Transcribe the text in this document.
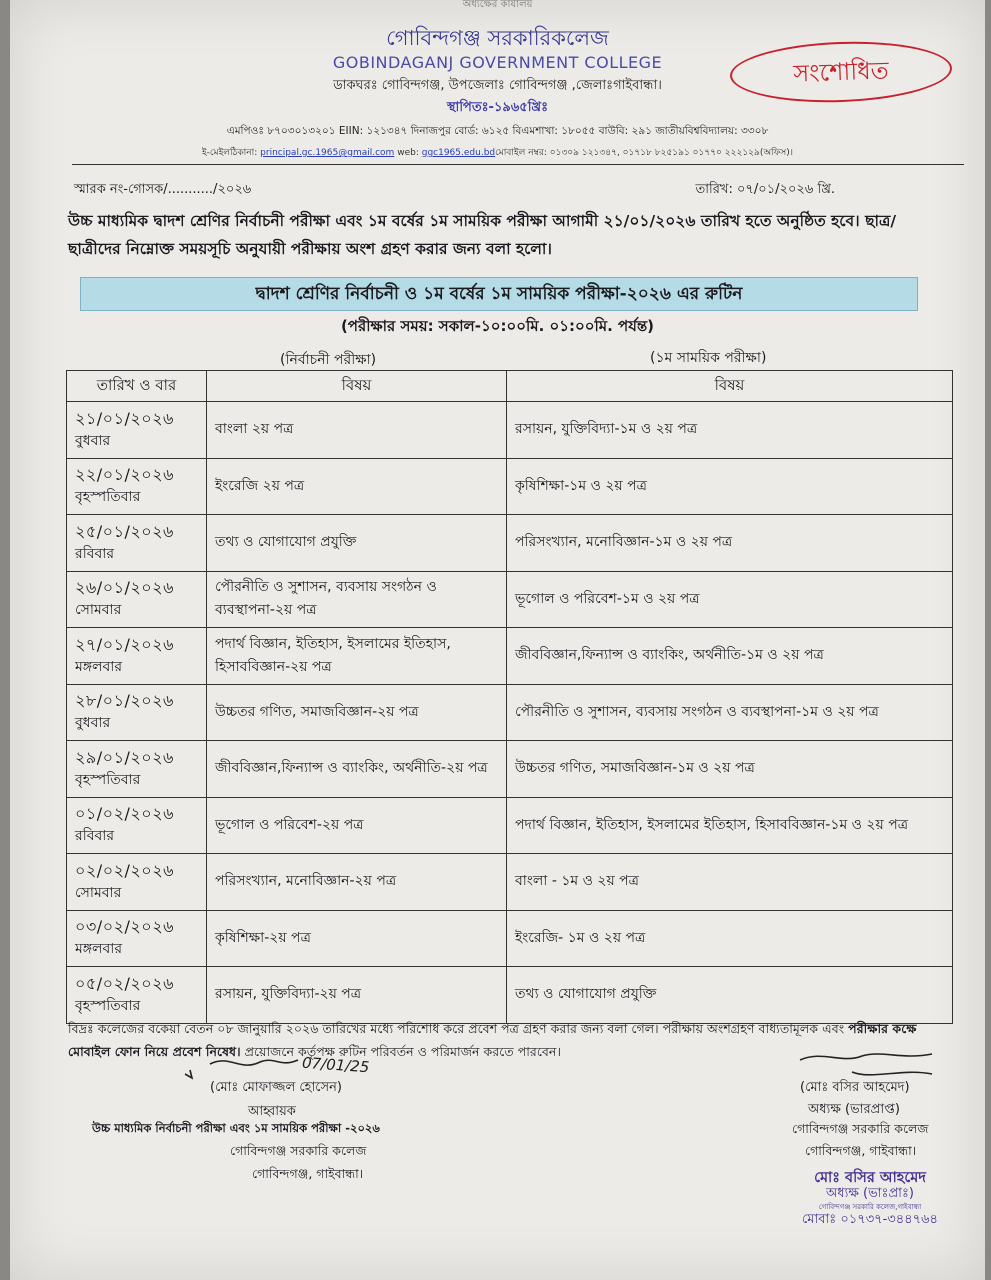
অধ্যক্ষের কার্যালয়
গোবিন্দগঞ্জ সরকারিকলেজ
GOBINDAGANJ GOVERNMENT COLLEGE
ডাকঘরঃ গোবিন্দগঞ্জ, উপজেলাঃ গোবিন্দগঞ্জ ,জেলাঃগাইবান্ধা।
স্থাপিতঃ-১৯৬৫খ্রিঃ
সংশোধিত
এমপিওঃ ৮৭০৩০১৩২০১ EIIN: ১২১৩৪৭ দিনাজপুর বোর্ড: ৬১২৫ বিএমশাখা: ১৮০৫৫ বাউবি: ২৯১ জাতীয়বিশ্ববিদ্যালয়: ৩৩০৮
ই-মেইলঠিকানা: principal.gc.1965@gmail.com web: ggc1965.edu.bdমোবাইল নম্বর: ০১৩০৯ ১২১৩৪৭, ০১৭১৮ ৮২৫১৯১ ০১৭৭০ ২২২১২৯(অফিস)।
স্মারক নং-গোসক/.........../২০২৬	তারিখ: ০৭/০১/২০২৬ খ্রি.
উচ্চ মাধ্যমিক দ্বাদশ শ্রেণির নির্বাচনী পরীক্ষা এবং ১ম বর্ষের ১ম সাময়িক পরীক্ষা আগামী ২১/০১/২০২৬ তারিখ হতে অনুষ্ঠিত হবে। ছাত্র/ছাত্রীদের নিম্নোক্ত সময়সূচি অনুযায়ী পরীক্ষায় অংশ গ্রহণ করার জন্য বলা হলো।
দ্বাদশ শ্রেণির নির্বাচনী ও ১ম বর্ষের ১ম সাময়িক পরীক্ষা-২০২৬ এর রুটিন
(পরীক্ষার সময়: সকাল-১০:০০মি. ০১:০০মি. পর্যন্ত)
(নির্বাচনী পরীক্ষা)	(১ম সাময়িক পরীক্ষা)
তারিখ ও বার	বিষয়	বিষয়

২১/০১/২০২৬
বুধবার	বাংলা ২য় পত্র	রসায়ন, যুক্তিবিদ্যা-১ম ও ২য় পত্র

২২/০১/২০২৬
বৃহস্পতিবার	ইংরেজি ২য় পত্র	কৃষিশিক্ষা-১ম ও ২য় পত্র

২৫/০১/২০২৬
রবিবার	তথ্য ও যোগাযোগ প্রযুক্তি	পরিসংখ্যান, মনোবিজ্ঞান-১ম ও ২য় পত্র

২৬/০১/২০২৬
সোমবার	পৌরনীতি ও সুশাসন, ব্যবসায় সংগঠন ও ব্যবস্থাপনা-২য় পত্র	ভূগোল ও পরিবেশ-১ম ও ২য় পত্র

২৭/০১/২০২৬
মঙ্গলবার	পদার্থ বিজ্ঞান, ইতিহাস, ইসলামের ইতিহাস, হিসাববিজ্ঞান-২য় পত্র	জীববিজ্ঞান,ফিন্যান্স ও ব্যাংকিং, অর্থনীতি-১ম ও ২য় পত্র

২৮/০১/২০২৬
বুধবার	উচ্চতর গণিত, সমাজবিজ্ঞান-২য় পত্র	পৌরনীতি ও সুশাসন, ব্যবসায় সংগঠন ও ব্যবস্থাপনা-১ম ও ২য় পত্র

২৯/০১/২০২৬
বৃহস্পতিবার	জীববিজ্ঞান,ফিন্যান্স ও ব্যাংকিং, অর্থনীতি-২য় পত্র	উচ্চতর গণিত, সমাজবিজ্ঞান-১ম ও ২য় পত্র

০১/০২/২০২৬
রবিবার	ভূগোল ও পরিবেশ-২য় পত্র	পদার্থ বিজ্ঞান, ইতিহাস, ইসলামের ইতিহাস, হিসাববিজ্ঞান-১ম ও ২য় পত্র

০২/০২/২০২৬
সোমবার	পরিসংখ্যান, মনোবিজ্ঞান-২য় পত্র	বাংলা - ১ম ও ২য় পত্র

০৩/০২/২০২৬
মঙ্গলবার	কৃষিশিক্ষা-২য় পত্র	ইংরেজি- ১ম ও ২য় পত্র

০৫/০২/২০২৬
বৃহস্পতিবার	রসায়ন, যুক্তিবিদ্যা-২য় পত্র	তথ্য ও যোগাযোগ প্রযুক্তি
বিদ্রঃ কলেজের বকেয়া বেতন ০৮ জানুয়ারি ২০২৬ তারিখের মধ্যে পরিশোধ করে প্রবেশ পত্র গ্রহণ করার জন্য বলা গেল। পরীক্ষায় অংশগ্রহণ বাধ্যতামূলক এবং পরীক্ষার কক্ষে মোবাইল ফোন নিয়ে প্রবেশ নিষেধ। প্রয়োজনে কর্তৃপক্ষ রুটিন পরিবর্তন ও পরিমার্জন করতে পারবেন।
07/01/25
(মোঃ মোফাজ্জল হোসেন)
আহ্বায়ক
উচ্চ মাধ্যমিক নির্বাচনী পরীক্ষা এবং ১ম সাময়িক পরীক্ষা -২০২৬
গোবিন্দগঞ্জ সরকারি কলেজ
গোবিন্দগঞ্জ, গাইবান্ধা।
(মোঃ বসির আহমেদ)
অধ্যক্ষ (ভারপ্রাপ্ত)
গোবিন্দগঞ্জ সরকারি কলেজ
গোবিন্দগঞ্জ, গাইবান্ধা।
মোঃ বসির আহমেদ
অধ্যক্ষ (ভাঃপ্রাঃ)
গোবিন্দগঞ্জ সরকারি কলেজ,গাইবান্ধা
মোবাঃ ০১৭৩৭-৩৪৪৭৬৪
